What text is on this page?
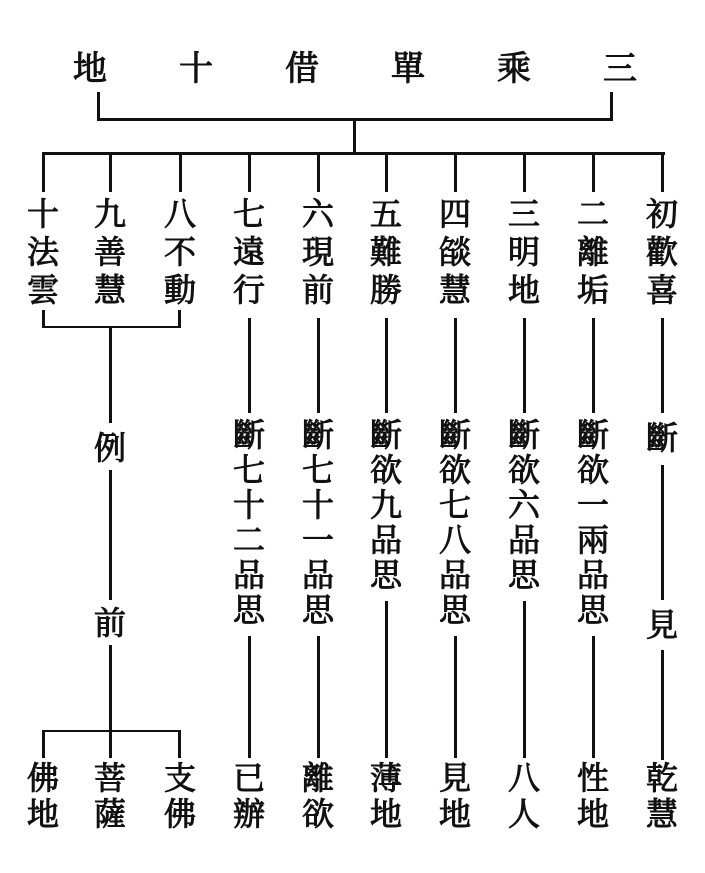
初
歡
喜
斷
見
乾
慧
二
離
垢
斷
欲
一
兩
品
思
性
地
三
明
地
斷
欲
六
品
思
八
人
四
燄
慧
斷
欲
七
八
品
思
見
地
五
難
勝
斷
欲
九
品
思
薄
地
六
現
前
斷
七
十
一
品
思
離
欲
七
遠
行
斷
七
十
二
品
思
已
辦
八
不
動
九
善
慧
十
法
雲
例
前
支
佛
菩
薩
佛
地
三
乘
單
借
十
地
